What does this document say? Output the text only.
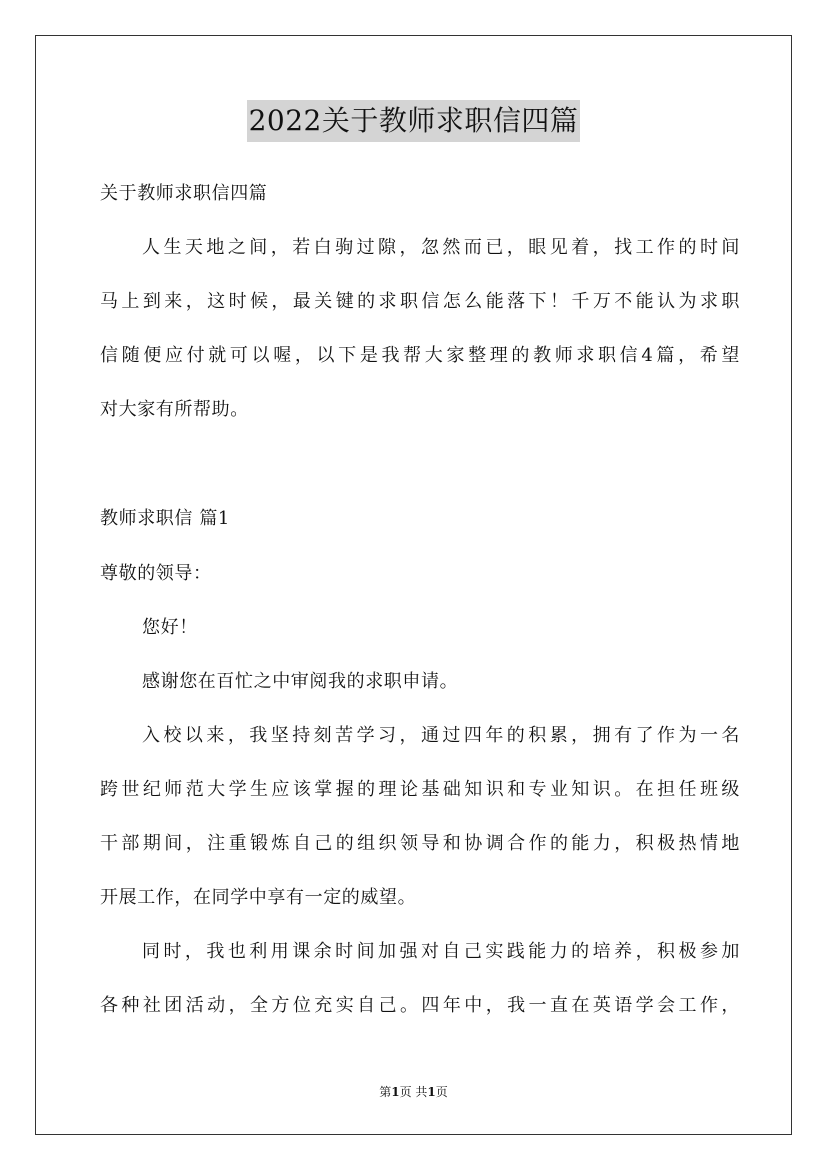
2022关于教师求职信四篇
关于教师求职信四篇
人生天地之间，若白驹过隙，忽然而已，眼见着，找工作的时间
马上到来，这时候，最关键的求职信怎么能落下！千万不能认为求职
信随便应付就可以喔，以下是我帮大家整理的教师求职信4篇，希望
对大家有所帮助。
教师求职信 篇1
尊敬的领导：
您好！
感谢您在百忙之中审阅我的求职申请。
入校以来，我坚持刻苦学习，通过四年的积累，拥有了作为一名
跨世纪师范大学生应该掌握的理论基础知识和专业知识。在担任班级
干部期间，注重锻炼自己的组织领导和协调合作的能力，积极热情地
开展工作，在同学中享有一定的威望。
同时，我也利用课余时间加强对自己实践能力的培养，积极参加
各种社团活动，全方位充实自己。四年中，我一直在英语学会工作，
第1页 共1页
